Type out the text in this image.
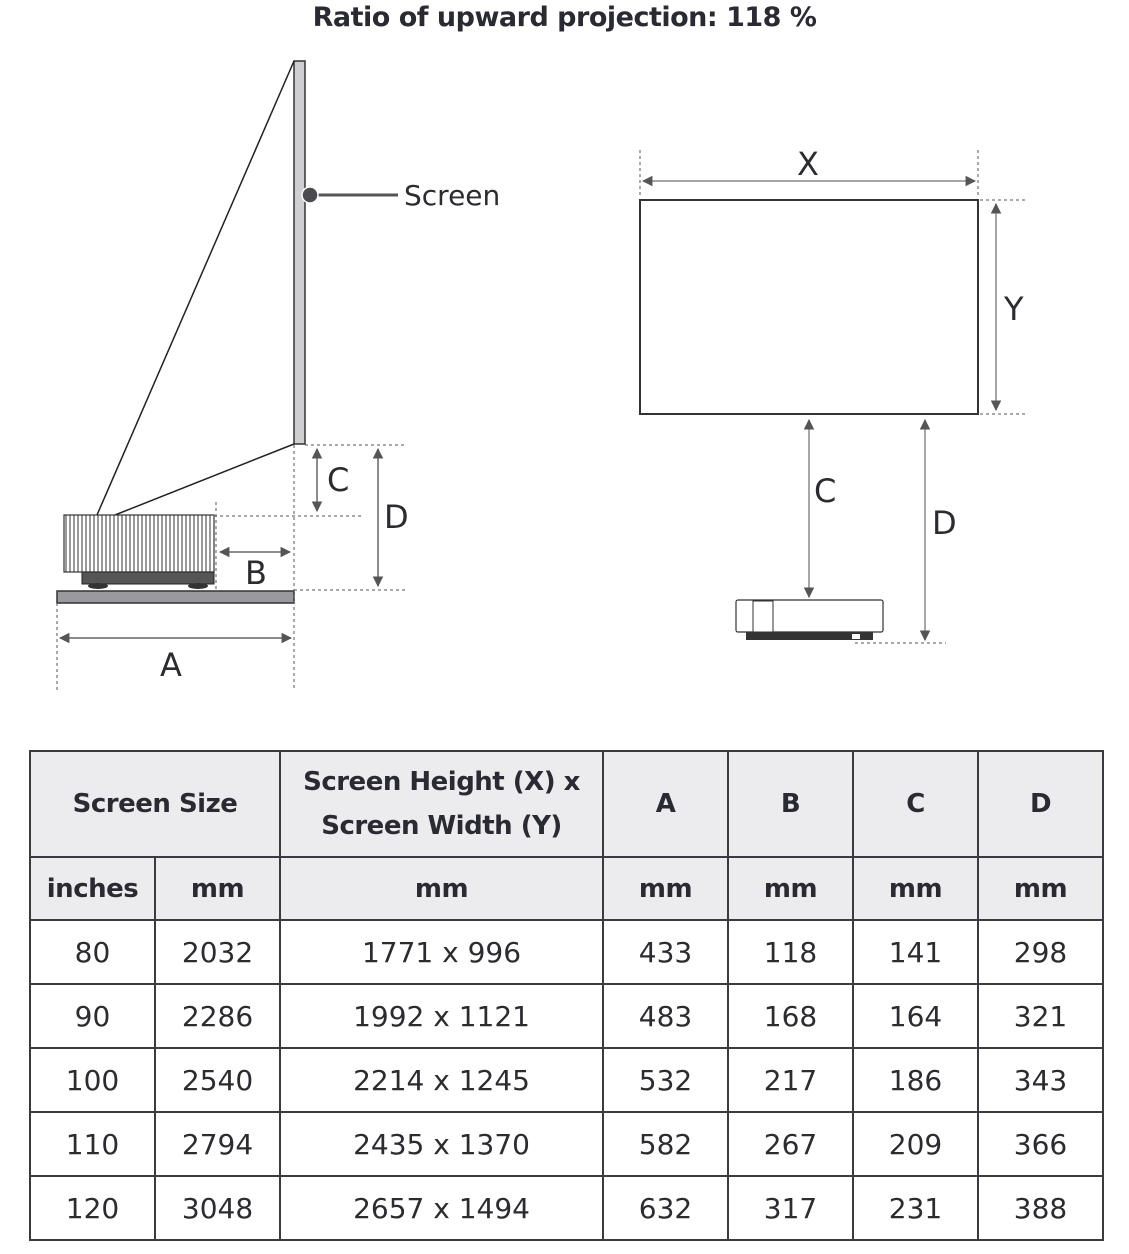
Ratio of upward projection: 118 %
Screen
C
D
B
A
X
Y
C
D
Screen Size		Screen Height (X) x
Screen Width (Y)	A	B	C	D
inches	mm	mm	mm	mm	mm	mm
80	2032	1771 x 996	433	118	141	298
90	2286	1992 x 1121	483	168	164	321
100	2540	2214 x 1245	532	217	186	343
110	2794	2435 x 1370	582	267	209	366
120	3048	2657 x 1494	632	317	231	388
